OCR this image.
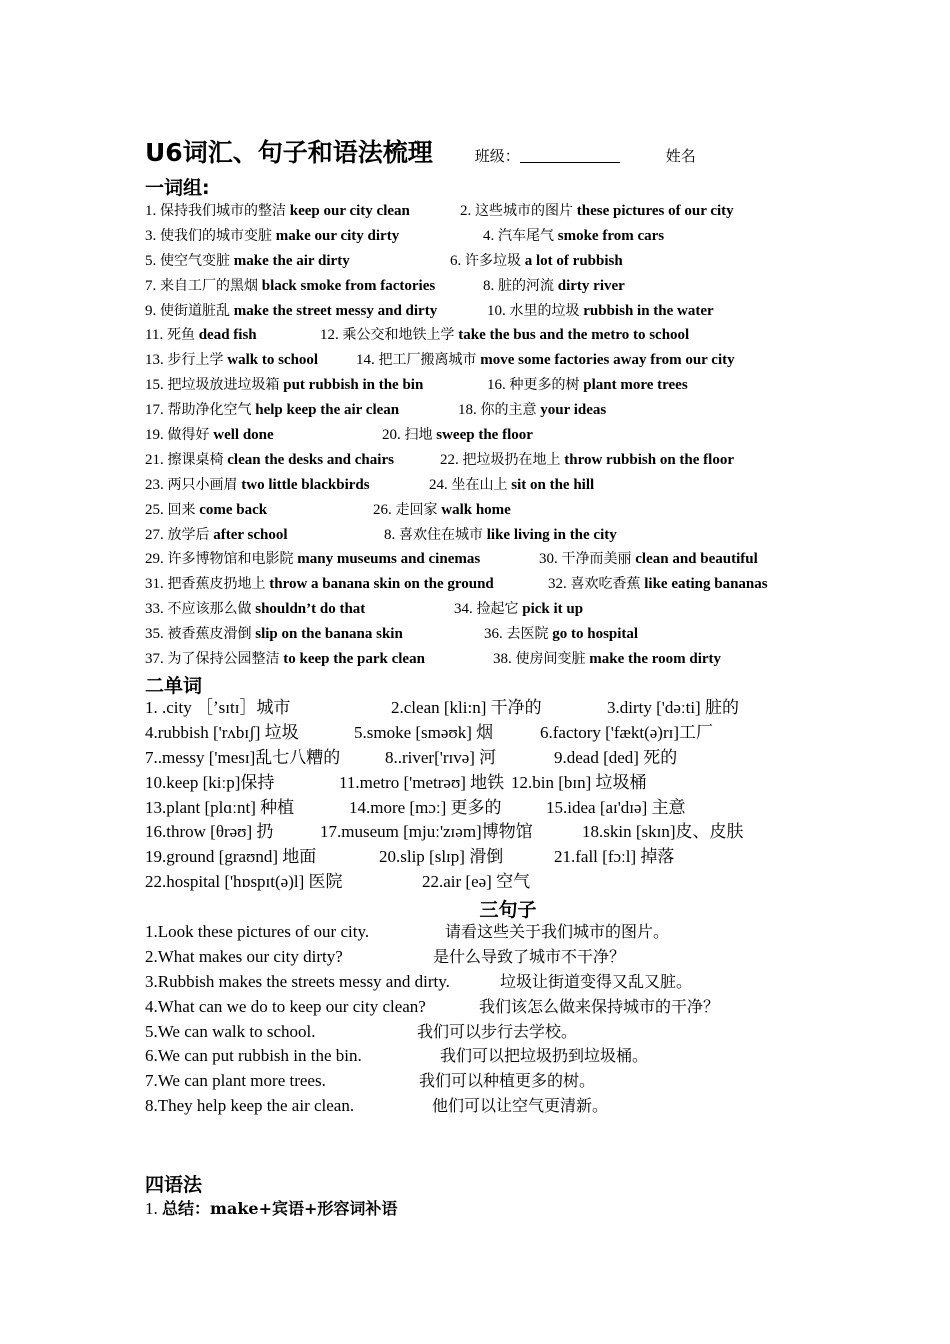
U6词汇、句子和语法梳理	班级：	姓名
一词组:
1. 保持我们城市的整洁 keep our city clean	2. 这些城市的图片 these pictures of our city
3. 使我们的城市变脏 make our city dirty	4. 汽车尾气 smoke from cars
5. 使空气变脏 make the air dirty	6. 许多垃圾 a lot of rubbish
7. 来自工厂的黑烟 black smoke from factories	8. 脏的河流 dirty river
9. 使街道脏乱 make the street messy and dirty	10. 水里的垃圾 rubbish in the water
11. 死鱼 dead fish	12. 乘公交和地铁上学 take the bus and the metro to school
13. 步行上学 walk to school	14. 把工厂搬离城市 move some factories away from our city
15. 把垃圾放进垃圾箱 put rubbish in the bin	16. 种更多的树 plant more trees
17. 帮助净化空气 help keep the air clean	18. 你的主意 your ideas
19. 做得好 well done	20. 扫地 sweep the floor
21. 擦课桌椅 clean the desks and chairs	22. 把垃圾扔在地上 throw rubbish on the floor
23. 两只小画眉 two little blackbirds	24. 坐在山上 sit on the hill
25. 回来 come back	26. 走回家 walk home
27. 放学后 after school	8. 喜欢住在城市 like living in the city
29. 许多博物馆和电影院 many museums and cinemas	30. 干净而美丽 clean and beautiful
31. 把香蕉皮扔地上 throw a banana skin on the ground	32. 喜欢吃香蕉 like eating bananas
33. 不应该那么做 shouldn’t do that	34. 捡起它 pick it up
35. 被香蕉皮滑倒 slip on the banana skin	36. 去医院 go to hospital
37. 为了保持公园整洁 to keep the park clean	38. 使房间变脏 make the room dirty
二单词
1. .city ［ʼsɪtɪ］城市	2.clean [kli:n] 干净的	3.dirty ['dəːti] 脏的
4.rubbish ['rʌbɪʃ] 垃圾	5.smoke [sməʊk] 烟	6.factory ['fækt(ə)rɪ]工厂
7..messy ['mesɪ]乱七八糟的	8..river['rɪvə] 河	9.dead [ded] 死的
10.keep [kiːp]保持	11.metro ['metrəʊ] 地铁 12.bin [bɪn] 垃圾桶
13.plant [plɑːnt] 种植	14.more [mɔː] 更多的	15.idea [aɪ'dɪə] 主意
16.throw [θrəʊ] 扔	17.museum [mjuː'zɪəm]博物馆	18.skin [skɪn]皮、皮肤
19.ground [graʊnd] 地面	20.slip [slɪp] 滑倒	21.fall [fɔːl] 掉落
22.hospital ['hɒspɪt(ə)l] 医院	22.air [eə] 空气
三句子
1.Look these pictures of our city.	请看这些关于我们城市的图片。
2.What makes our city dirty?	是什么导致了城市不干净？
3.Rubbish makes the streets messy and dirty.	垃圾让街道变得又乱又脏。
4.What can we do to keep our city clean?	我们该怎么做来保持城市的干净？
5.We can walk to school.	我们可以步行去学校。
6.We can put rubbish in the bin.	我们可以把垃圾扔到垃圾桶。
7.We can plant more trees.	我们可以种植更多的树。
8.They help keep the air clean.	他们可以让空气更清新。
四语法
1. 总结：make+宾语+形容词补语
